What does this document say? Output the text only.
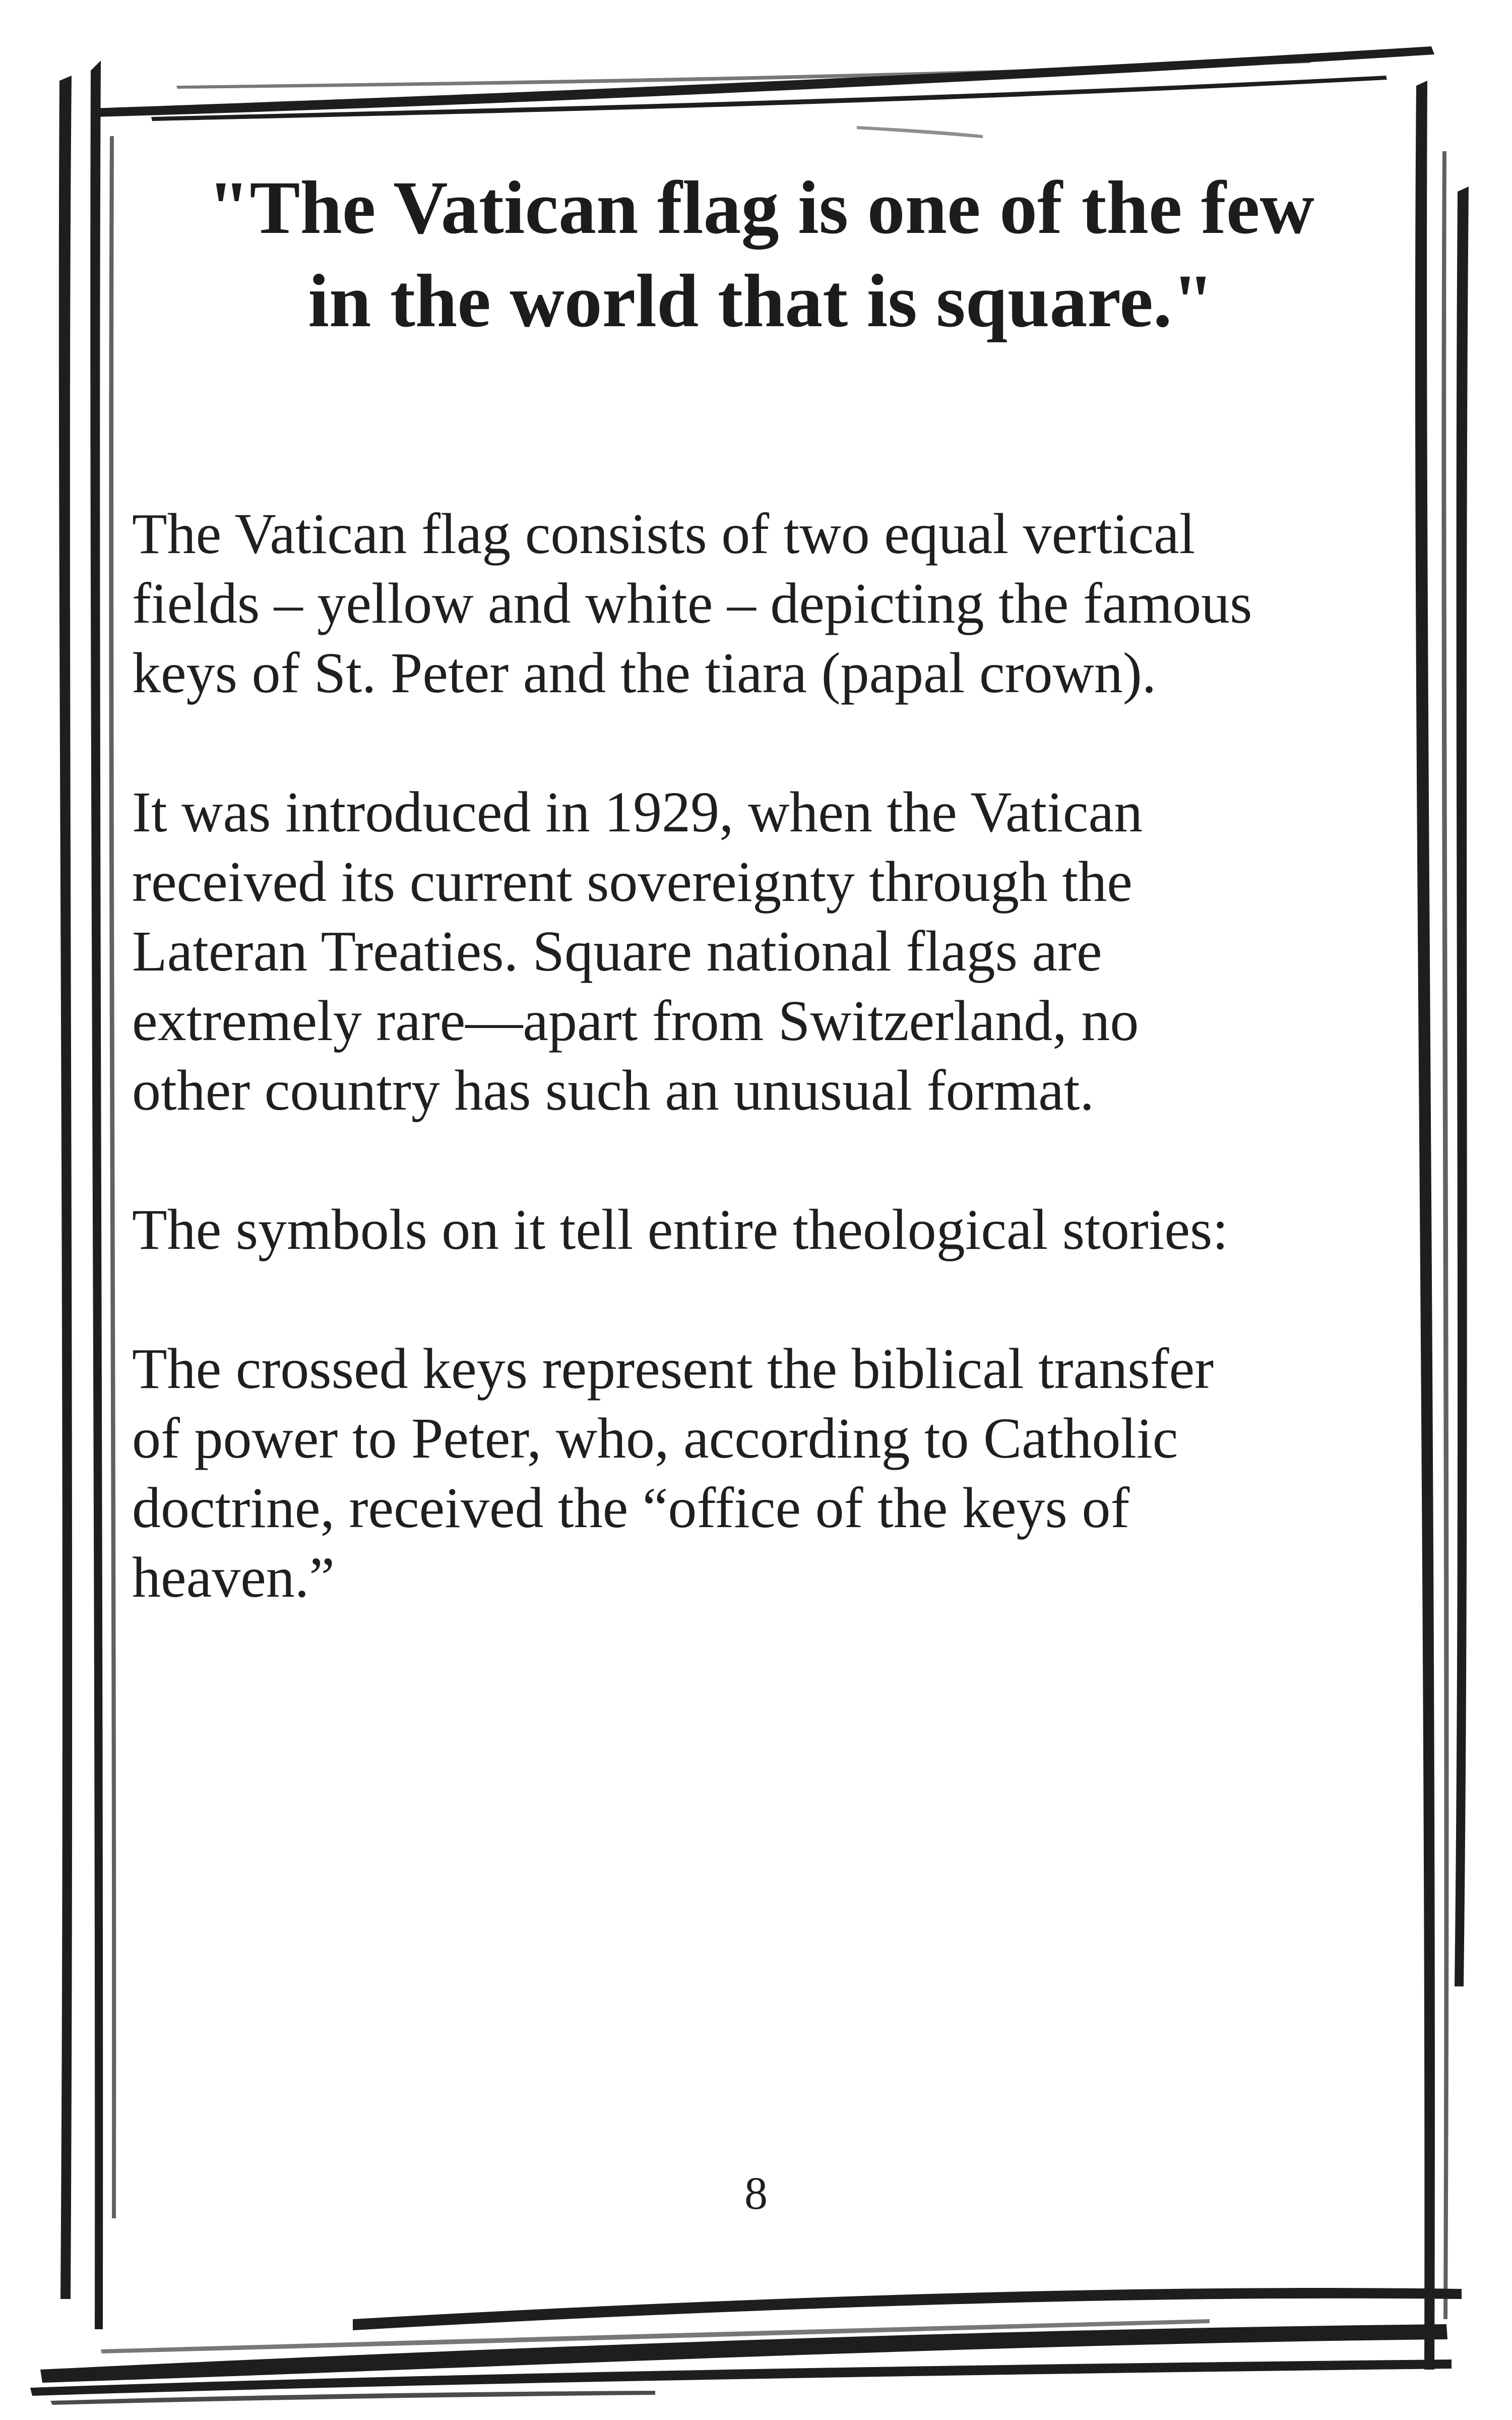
"The Vatican flag is one of the few
in the world that is square."

The Vatican flag consists of two equal vertical
fields – yellow and white – depicting the famous
keys of St. Peter and the tiara (papal crown).

It was introduced in 1929, when the Vatican
received its current sovereignty through the
Lateran Treaties. Square national flags are
extremely rare—apart from Switzerland, no
other country has such an unusual format.

The symbols on it tell entire theological stories:

The crossed keys represent the biblical transfer
of power to Peter, who, according to Catholic
doctrine, received the “office of the keys of
heaven.”

8
